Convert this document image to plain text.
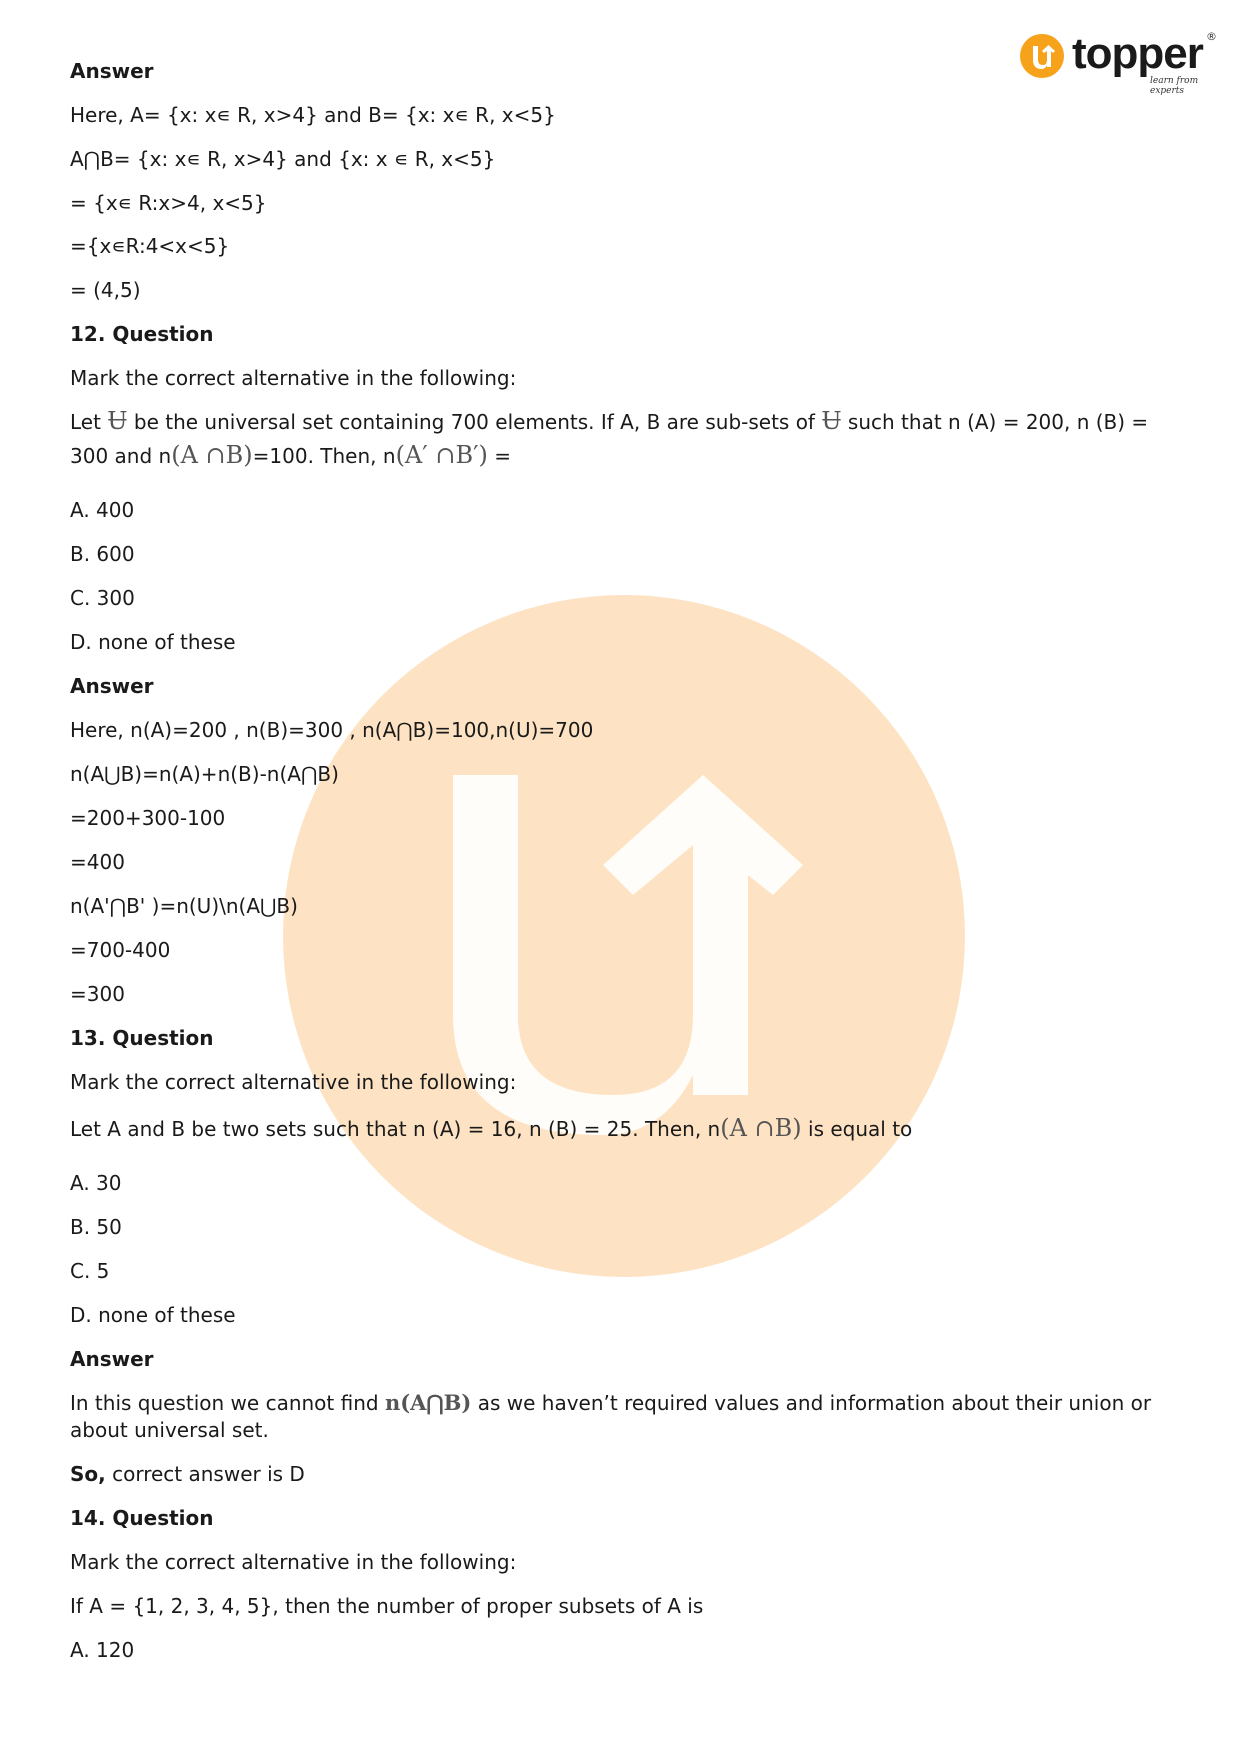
topper ®
learn from experts
Answer
Here, A= {x: x∊ R, x>4} and B= {x: x∊ R, x<5}
A⋂B= {x: x∊ R, x>4} and {x: x ∊ R, x<5}
= {x∊ R:x>4, x<5}
={x∊R:4<x<5}
= (4,5)
12. Question
Mark the correct alternative in the following:
Let Ʉ be the universal set containing 700 elements. If A, B are sub-sets of Ʉ such that n (A) = 200, n (B) =
300 and n(A ∩B)=100. Then, n(A′ ∩B′) =
A. 400
B. 600
C. 300
D. none of these
Answer
Here, n(A)=200 , n(B)=300 , n(A⋂B)=100,n(U)=700
n(A⋃B)=n(A)+n(B)-n(A⋂B)
=200+300-100
=400
n(A'⋂B' )=n(U)\n(A⋃B)
=700-400
=300
13. Question
Mark the correct alternative in the following:
Let A and B be two sets such that n (A) = 16, n (B) = 25. Then, n(A ∩B) is equal to
A. 30
B. 50
C. 5
D. none of these
Answer
In this question we cannot find n(A⋂B) as we haven’t required values and information about their union or
about universal set.
So, correct answer is D
14. Question
Mark the correct alternative in the following:
If A = {1, 2, 3, 4, 5}, then the number of proper subsets of A is
A. 120
